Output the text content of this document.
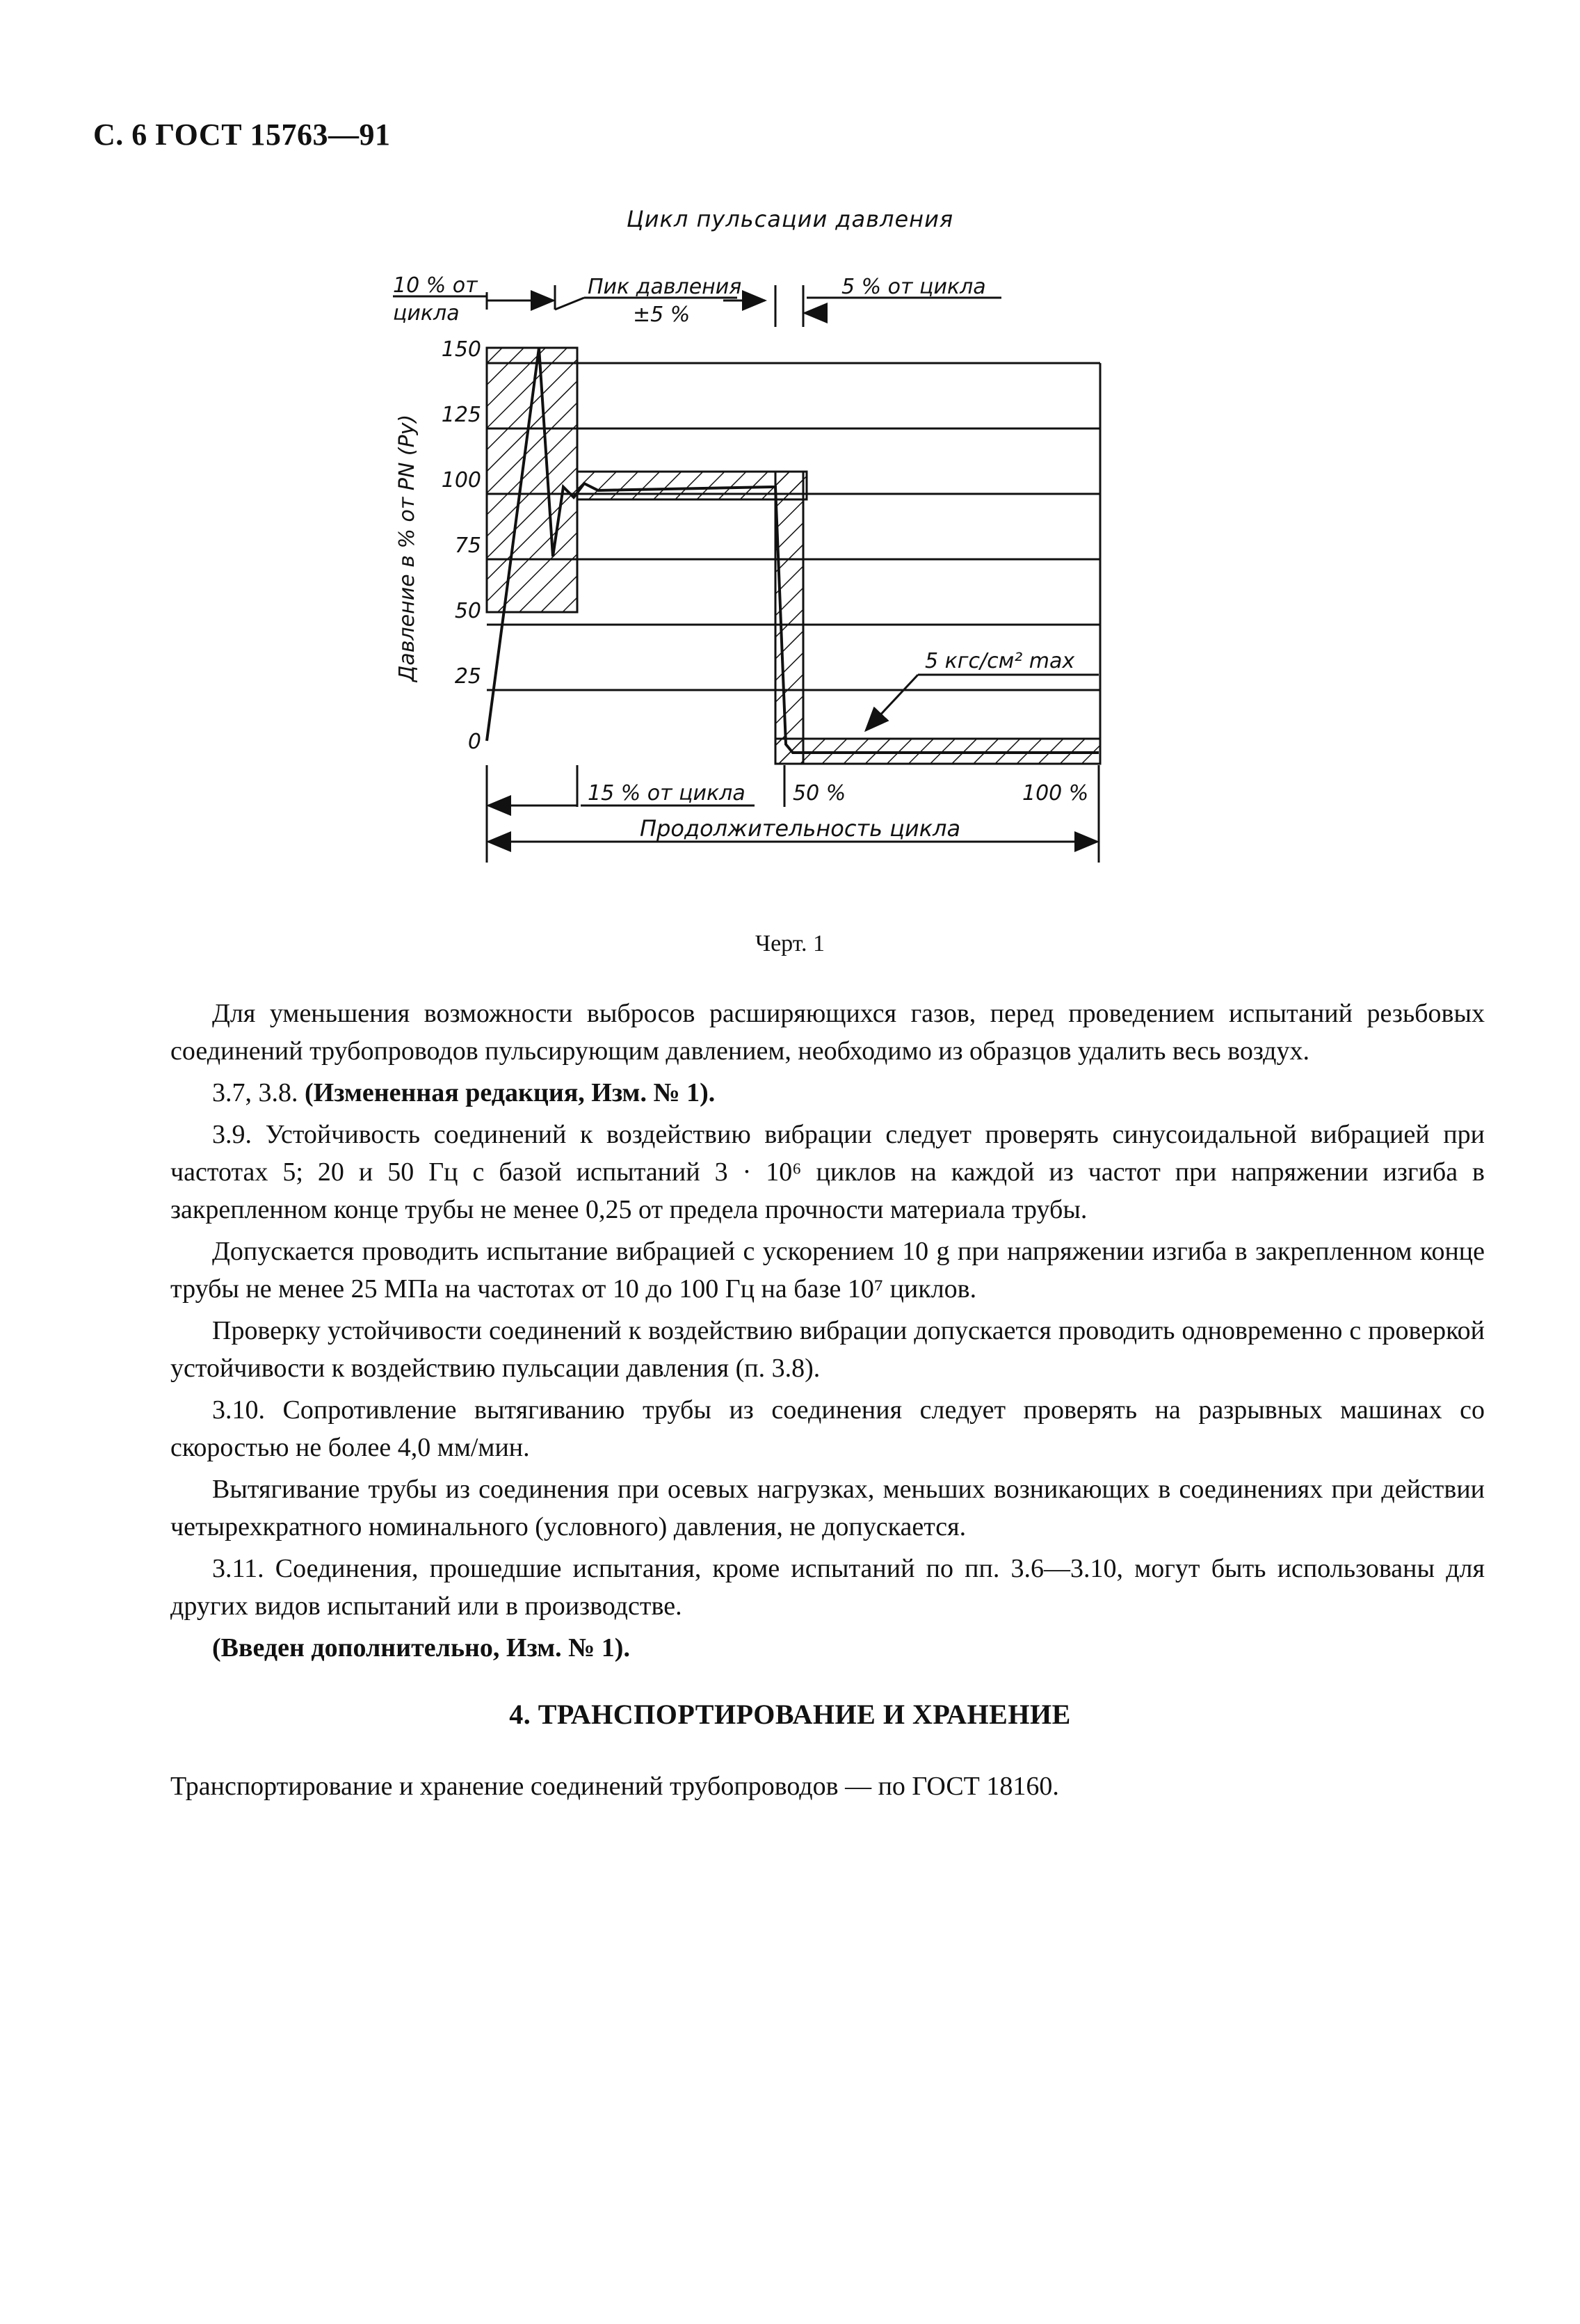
С. 6 ГОСТ 15763—91
Цикл пульсации давления
10 % от
цикла
Пик давления
±5 %
5 % от цикла
Давление в % от PN (Py)
150
125
100
75
50
25
0
5 кгс/см² max
15 % от цикла 50 %	100 %
Продолжительность цикла
Черт. 1

Для уменьшения возможности выбросов расширяющихся газов, перед проведением испытаний резьбовых соединений трубопроводов пульсирующим давлением, необходимо из образцов удалить весь воздух.

3.7, 3.8. (Измененная редакция, Изм. № 1).

3.9. Устойчивость соединений к воздействию вибрации следует проверять синусоидальной вибрацией при частотах 5; 20 и 50 Гц с базой испытаний 3 · 10⁶ циклов на каждой из частот при напряжении изгиба в закрепленном конце трубы не менее 0,25 от предела прочности материала трубы.

Допускается проводить испытание вибрацией с ускорением 10 g при напряжении изгиба в закрепленном конце трубы не менее 25 МПа на частотах от 10 до 100 Гц на базе 10⁷ циклов.

Проверку устойчивости соединений к воздействию вибрации допускается проводить одновременно с проверкой устойчивости к воздействию пульсации давления (п. 3.8).

3.10. Сопротивление вытягиванию трубы из соединения следует проверять на разрывных машинах со скоростью не более 4,0 мм/мин.

Вытягивание трубы из соединения при осевых нагрузках, меньших возникающих в соединениях при действии четырехкратного номинального (условного) давления, не допускается.

3.11. Соединения, прошедшие испытания, кроме испытаний по пп. 3.6—3.10, могут быть использованы для других видов испытаний или в производстве.

(Введен дополнительно, Изм. № 1).

4. ТРАНСПОРТИРОВАНИЕ И ХРАНЕНИЕ
Транспортирование и хранение соединений трубопроводов — по ГОСТ 18160.
